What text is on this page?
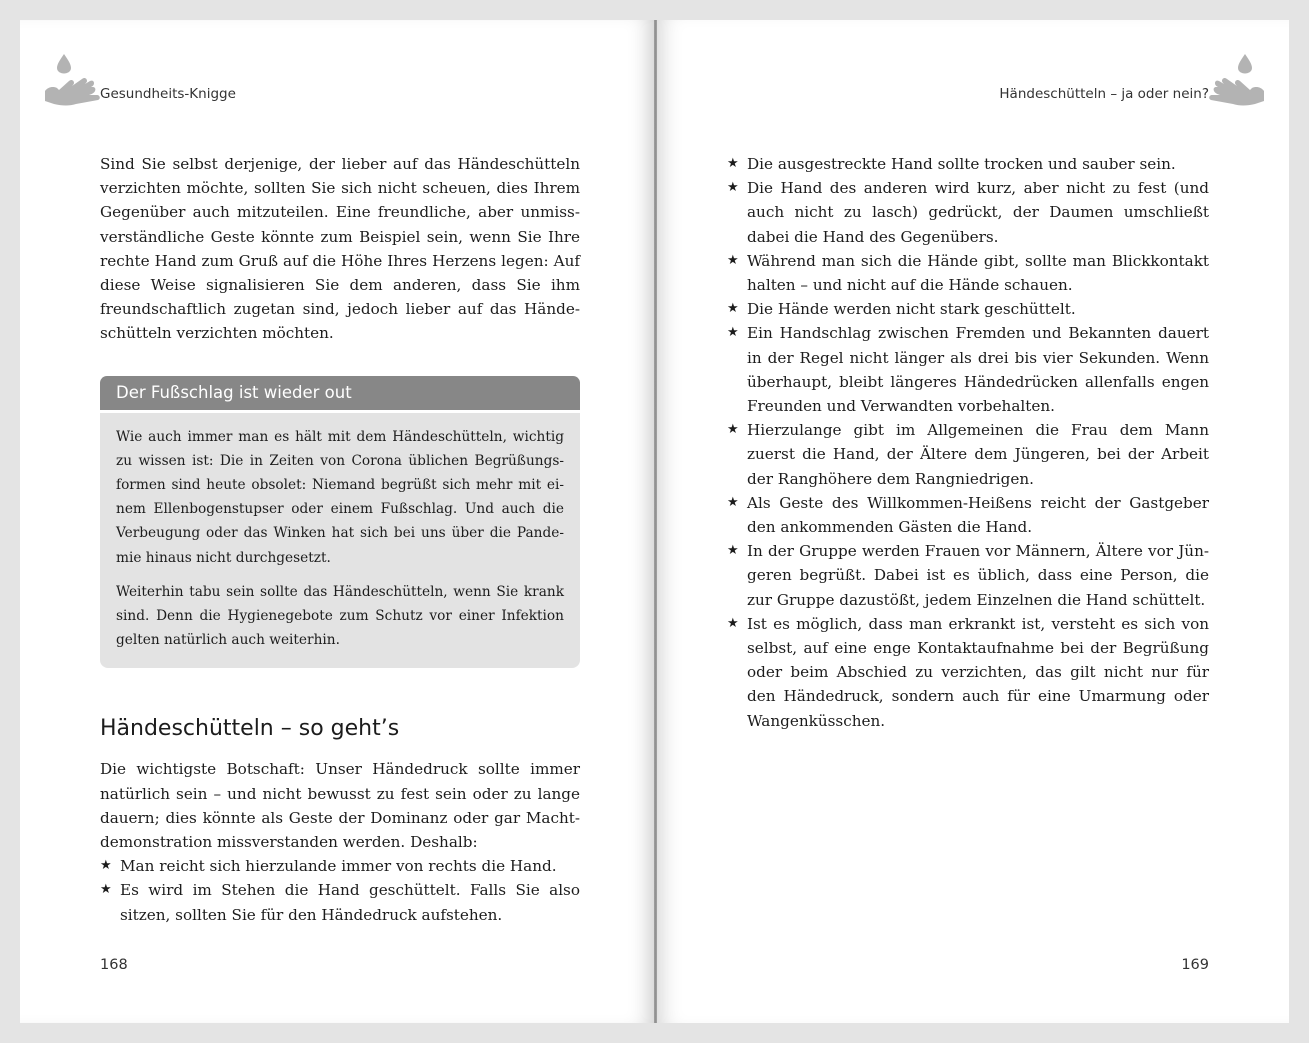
Gesundheits-Knigge

Sind Sie selbst derjenige, der lieber auf das Händeschütteln verzichten möchte, sollten Sie sich nicht scheuen, dies Ihrem Gegenüber auch mitzuteilen. Eine freundliche, aber unmissverständliche Geste könnte zum Beispiel sein, wenn Sie Ihre rechte Hand zum Gruß auf die Höhe Ihres Herzens legen: Auf diese Weise signalisieren Sie dem anderen, dass Sie ihm freundschaftlich zugetan sind, jedoch lieber auf das Händeschütteln verzichten möchten.

Der Fußschlag ist wieder out

Wie auch immer man es hält mit dem Händeschütteln, wichtig zu wissen ist: Die in Zeiten von Corona üblichen Begrüßungsformen sind heute obsolet: Niemand begrüßt sich mehr mit einem Ellenbogenstupser oder einem Fußschlag. Und auch die Verbeugung oder das Winken hat sich bei uns über die Pandemie hinaus nicht durchgesetzt.

Weiterhin tabu sein sollte das Händeschütteln, wenn Sie krank sind. Denn die Hygienegebote zum Schutz vor einer Infektion gelten natürlich auch weiterhin.

Händeschütteln – so geht’s

Die wichtigste Botschaft: Unser Händedruck sollte immer natürlich sein – und nicht bewusst zu fest sein oder zu lange dauern; dies könnte als Geste der Dominanz oder gar Machtdemonstration missverstanden werden. Deshalb:

★ Man reicht sich hierzulande immer von rechts die Hand.
★ Es wird im Stehen die Hand geschüttelt. Falls Sie also sitzen, sollten Sie für den Händedruck aufstehen.
168
Händeschütteln – ja oder nein?
★ Die ausgestreckte Hand sollte trocken und sauber sein.
★ Die Hand des anderen wird kurz, aber nicht zu fest (und auch nicht zu lasch) gedrückt, der Daumen umschließt dabei die Hand des Gegenübers.
★ Während man sich die Hände gibt, sollte man Blickkontakt halten – und nicht auf die Hände schauen.
★ Die Hände werden nicht stark geschüttelt.
★ Ein Handschlag zwischen Fremden und Bekannten dauert in der Regel nicht länger als drei bis vier Sekunden. Wenn überhaupt, bleibt längeres Händedrücken allenfalls engen Freunden und Verwandten vorbehalten.
★ Hierzulange gibt im Allgemeinen die Frau dem Mann zuerst die Hand, der Ältere dem Jüngeren, bei der Arbeit der Ranghöhere dem Rangniedrigen.
★ Als Geste des Willkommen-Heißens reicht der Gastgeber den ankommenden Gästen die Hand.
★ In der Gruppe werden Frauen vor Männern, Ältere vor Jüngeren begrüßt. Dabei ist es üblich, dass eine Person, die zur Gruppe dazustößt, jedem Einzelnen die Hand schüttelt.
★ Ist es möglich, dass man erkrankt ist, versteht es sich von selbst, auf eine enge Kontaktaufnahme bei der Begrüßung oder beim Abschied zu verzichten, das gilt nicht nur für den Händedruck, sondern auch für eine Umarmung oder Wangenküsschen.
169
